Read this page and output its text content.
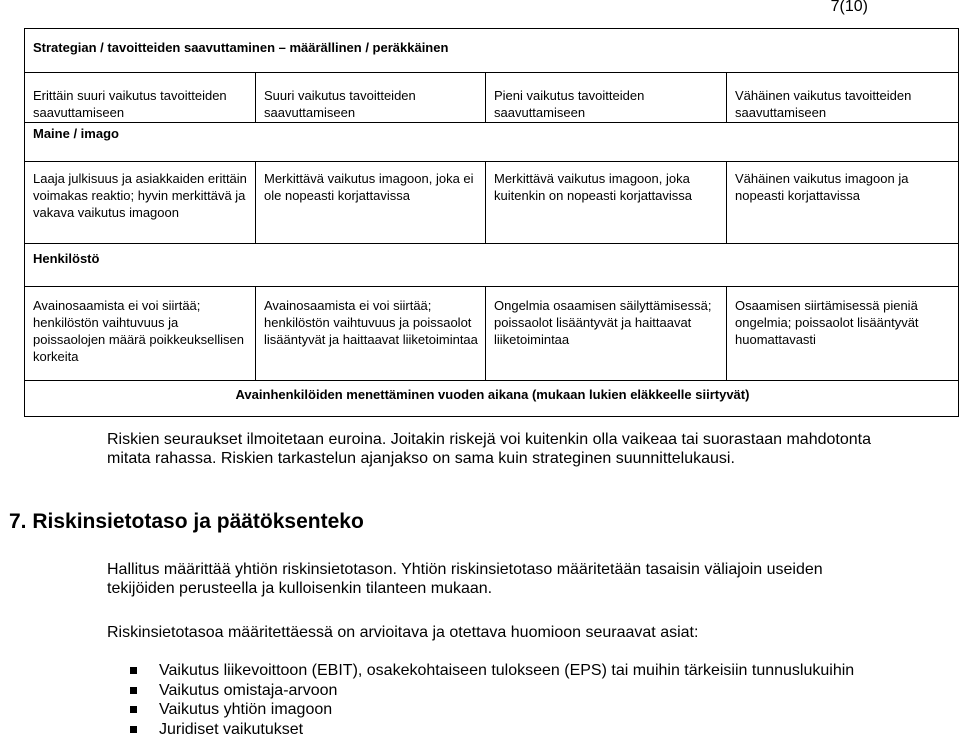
7(10)
Strategian / tavoitteiden saavuttaminen – määrällinen / peräkkäinen			
Erittäin suuri vaikutus tavoitteiden saavuttamiseen	Suuri vaikutus tavoitteiden saavuttamiseen	Pieni vaikutus tavoitteiden saavuttamiseen	Vähäinen vaikutus tavoitteiden saavuttamiseen
Maine / imago			
Laaja julkisuus ja asiakkaiden erittäin voimakas reaktio; hyvin merkittävä ja vakava vaikutus imagoon	Merkittävä vaikutus imagoon, joka ei ole nopeasti korjattavissa	Merkittävä vaikutus imagoon, joka kuitenkin on nopeasti korjattavissa	Vähäinen vaikutus imagoon ja nopeasti korjattavissa
Henkilöstö			
Avainosaamista ei voi siirtää; henkilöstön vaihtuvuus ja poissaolojen määrä poikkeuksellisen korkeita	Avainosaamista ei voi siirtää; henkilöstön vaihtuvuus ja poissaolot lisääntyvät ja haittaavat liiketoimintaa	Ongelmia osaamisen säilyttämisessä; poissaolot lisääntyvät ja haittaavat liiketoimintaa	Osaamisen siirtämisessä pieniä ongelmia; poissaolot lisääntyvät huomattavasti
Avainhenkilöiden menettäminen vuoden aikana (mukaan lukien eläkkeelle siirtyvät)			
Riskien seuraukset ilmoitetaan euroina. Joitakin riskejä voi kuitenkin olla vaikeaa tai suorastaan mahdotonta
mitata rahassa. Riskien tarkastelun ajanjakso on sama kuin strateginen suunnittelukausi.
7. Riskinsietotaso ja päätöksenteko
Hallitus määrittää yhtiön riskinsietotason. Yhtiön riskinsietotaso määritetään tasaisin väliajoin useiden
tekijöiden perusteella ja kulloisenkin tilanteen mukaan.
Riskinsietotasoa määritettäessä on arvioitava ja otettava huomioon seuraavat asiat:
Vaikutus liikevoittoon (EBIT), osakekohtaiseen tulokseen (EPS) tai muihin tärkeisiin tunnuslukuihin
Vaikutus omistaja-arvoon
Vaikutus yhtiön imagoon
Juridiset vaikutukset
